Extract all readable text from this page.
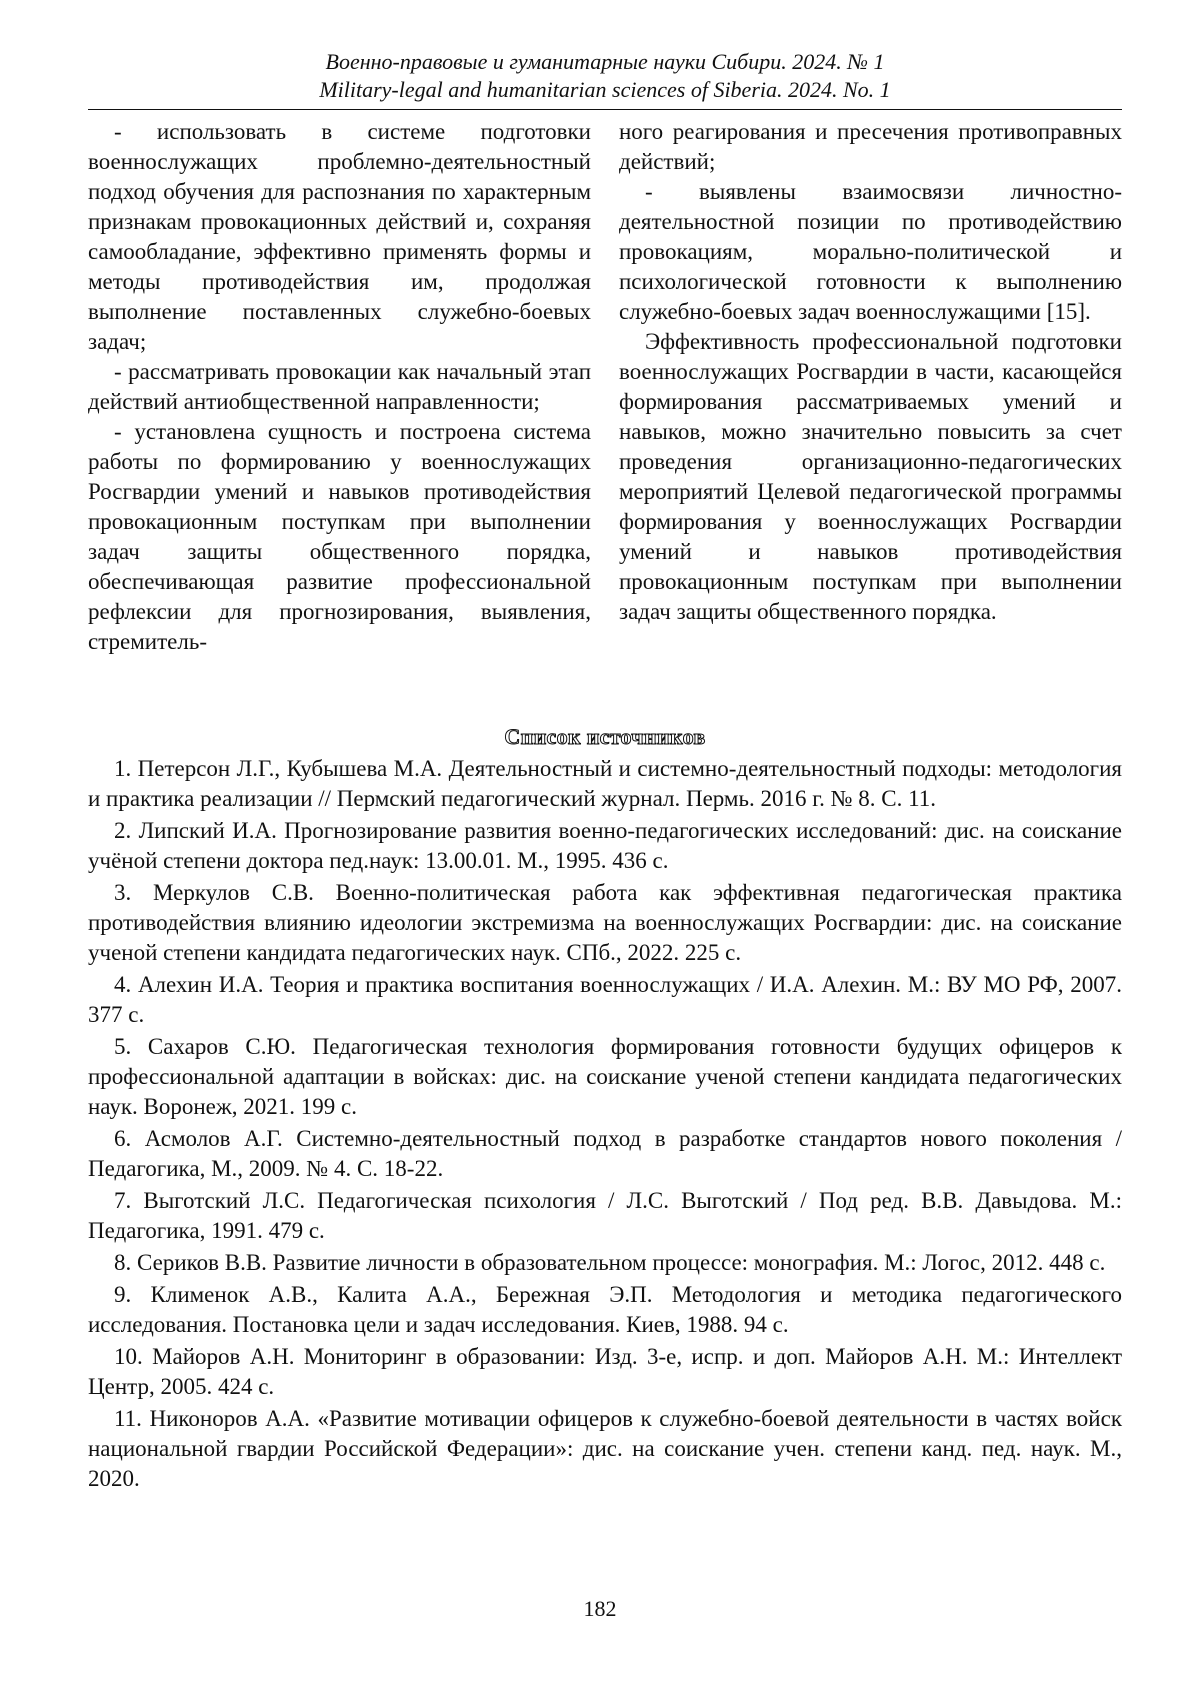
Военно-правовые и гуманитарные науки Сибири. 2024. № 1
Military-legal and humanitarian sciences of Siberia. 2024. No. 1

- использовать в системе подготовки военнослужащих проблемно-деятельностный подход обучения для распознания по характерным признакам провокационных действий и, сохраняя самообладание, эффективно применять формы и методы противодействия им, продолжая выполнение поставленных служебно-боевых задач;

- рассматривать провокации как начальный этап действий антиобщественной направленности;

- установлена сущность и построена система работы по формированию у военнослужащих Росгвардии умений и навыков противодействия провокационным поступкам при выполнении задач защиты общественного порядка, обеспечивающая развитие профессиональной рефлексии для прогнозирования, выявления, стремитель-

ного реагирования и пресечения противоправных действий;

- выявлены взаимосвязи личностно-деятельностной позиции по противодействию провокациям, морально-политической и психологической готовности к выполнению служебно-боевых задач военнослужащими [15].

Эффективность профессиональной подготовки военнослужащих Росгвардии в части, касающейся формирования рассматриваемых умений и навыков, можно значительно повысить за счет проведения организационно-педагогических мероприятий Целевой педагогической программы формирования у военнослужащих Росгвардии умений и навыков противодействия провокационным поступкам при выполнении задач защиты общественного порядка.

Список источников
1. Петерсон Л.Г., Кубышева М.А. Деятельностный и системно-деятельностный подходы: методология и практика реализации // Пермский педагогический журнал. Пермь. 2016 г. № 8. С. 11.
2. Липский И.А. Прогнозирование развития военно-педагогических исследований: дис. на соискание учёной степени доктора пед.наук: 13.00.01. М., 1995. 436 с.
3. Меркулов С.В. Военно-политическая работа как эффективная педагогическая практика противодействия влиянию идеологии экстремизма на военнослужащих Росгвардии: дис. на соискание ученой степени кандидата педагогических наук. СПб., 2022. 225 с.
4. Алехин И.А. Теория и практика воспитания военнослужащих / И.А. Алехин. М.: ВУ МО РФ, 2007. 377 с.
5. Сахаров С.Ю. Педагогическая технология формирования готовности будущих офицеров к профессиональной адаптации в войсках: дис. на соискание ученой степени кандидата педагогических наук. Воронеж, 2021. 199 с.
6. Асмолов А.Г. Системно-деятельностный подход в разработке стандартов нового поколения / Педагогика, М., 2009. № 4. С. 18-22.
7. Выготский Л.С. Педагогическая психология / Л.С. Выготский / Под ред. В.В. Давыдова. М.: Педагогика, 1991. 479 с.
8. Сериков В.В. Развитие личности в образовательном процессе: монография. М.: Логос, 2012. 448 с.
9. Клименок А.В., Калита А.А., Бережная Э.П. Методология и методика педагогического исследования. Постановка цели и задач исследования. Киев, 1988. 94 с.
10. Майоров А.Н. Мониторинг в образовании: Изд. 3-е, испр. и доп. Майоров А.Н. М.: Интеллект Центр, 2005. 424 с.
11. Никоноров А.А. «Развитие мотивации офицеров к служебно-боевой деятельности в частях войск национальной гвардии Российской Федерации»: дис. на соискание учен. степени канд. пед. наук. М., 2020.
182
